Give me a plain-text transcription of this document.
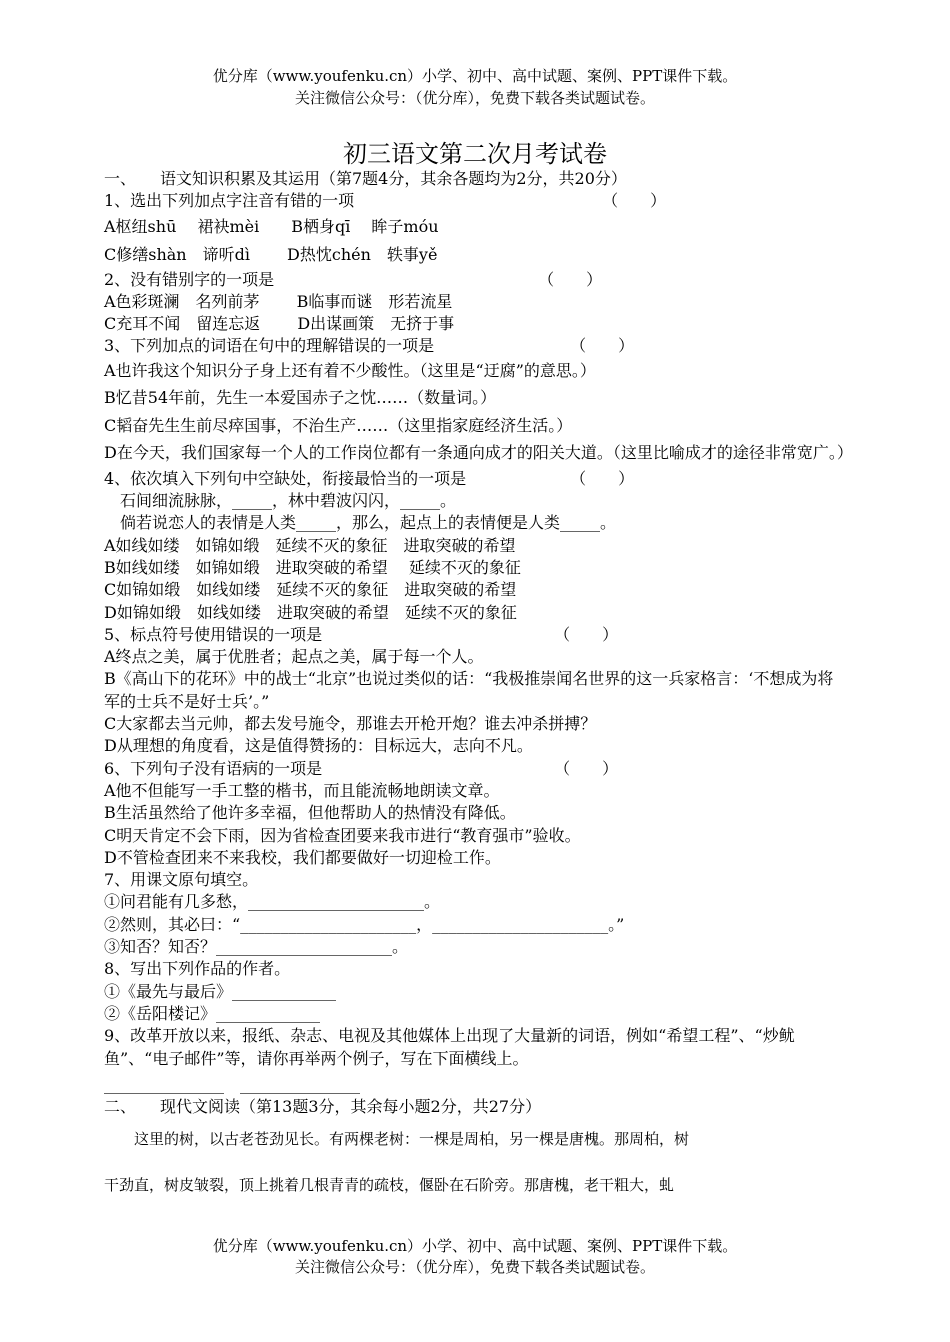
优分库（www.youfenku.cn）小学、初中、高中试题、案例、PPT课件下载。
关注微信公众号：（优分库），免费下载各类试题试卷。
初三语文第二次月考试卷
一、　　语文知识积累及其运用（第7题4分，其余各题均为2分，共20分）
1、选出下列加点字注音有错的一项　　　　　　　　　　　　　　　　（　　）
A枢纽shū　 裙袂mèi　　B栖身qī　 眸子móu
C修缮shàn　谛听dì　　 D热忱chén　轶事yě
2、没有错别字的一项是　　　　　　　　　　　　　　　　　（　　）
A色彩斑澜　名列前茅　　 B临事而谜　形若流星
C充耳不闻　留连忘返　　 D出谋画策　无挤于事
3、下列加点的词语在句中的理解错误的一项是　　　　　　　　　（　　）
A也许我这个知识分子身上还有着不少酸性。（这里是“迂腐”的意思。）
B忆昔54年前，先生一本爱国赤子之忱……（数量词。）
C韬奋先生生前尽瘁国事，不治生产……（这里指家庭经济生活。）
D在今天，我们国家每一个人的工作岗位都有一条通向成才的阳关大道。（这里比喻成才的途径非常宽广。）
4、依次填入下列句中空缺处，衔接最恰当的一项是　　　　　　　（　　）
　石间细流脉脉，_____，林中碧波闪闪，_____。
　倘若说恋人的表情是人类_____，那么，起点上的表情便是人类_____。
A如线如缕　如锦如缎　延续不灭的象征　进取突破的希望
B如线如缕　如锦如缎　进取突破的希望　 延续不灭的象征
C如锦如缎　如线如缕　延续不灭的象征　进取突破的希望
D如锦如缎　如线如缕　进取突破的希望　延续不灭的象征
5、标点符号使用错误的一项是　　　　　　　　　　　　　　　（　　）
A终点之美，属于优胜者；起点之美，属于每一个人。
B《高山下的花环》中的战士“北京”也说过类似的话：“我极推崇闻名世界的这一兵家格言：‘不想成为将军的士兵不是好士兵’。”
C大家都去当元帅，都去发号施令，那谁去开枪开炮？谁去冲杀拼搏？
D从理想的角度看，这是值得赞扬的：目标远大，志向不凡。
6、下列句子没有语病的一项是　　　　　　　　　　　　　　　（　　）
A他不但能写一手工整的楷书，而且能流畅地朗读文章。
B生活虽然给了他许多幸福，但他帮助人的热情没有降低。
C明天肯定不会下雨，因为省检查团要来我市进行“教育强市”验收。
D不管检查团来不来我校，我们都要做好一切迎检工作。
7、用课文原句填空。
①问君能有几多愁，______________________。
②然则，其必曰：“______________________，______________________。”
③知否？知否？______________________。
8、写出下列作品的作者。
①《最先与最后》_____________
②《岳阳楼记》_____________
9、改革开放以来，报纸、杂志、电视及其他媒体上出现了大量新的词语，例如“希望工程”、“炒鱿鱼”、“电子邮件”等，请你再举两个例子，写在下面横线上。
_______________　_______________
二、　　现代文阅读（第13题3分，其余每小题2分，共27分）
　　这里的树，以古老苍劲见长。有两棵老树：一棵是周柏，另一棵是唐槐。那周柏，树
干劲直，树皮皱裂，顶上挑着几根青青的疏枝，偃卧在石阶旁。那唐槐，老干粗大，虬
优分库（www.youfenku.cn）小学、初中、高中试题、案例、PPT课件下载。
关注微信公众号：（优分库），免费下载各类试题试卷。
